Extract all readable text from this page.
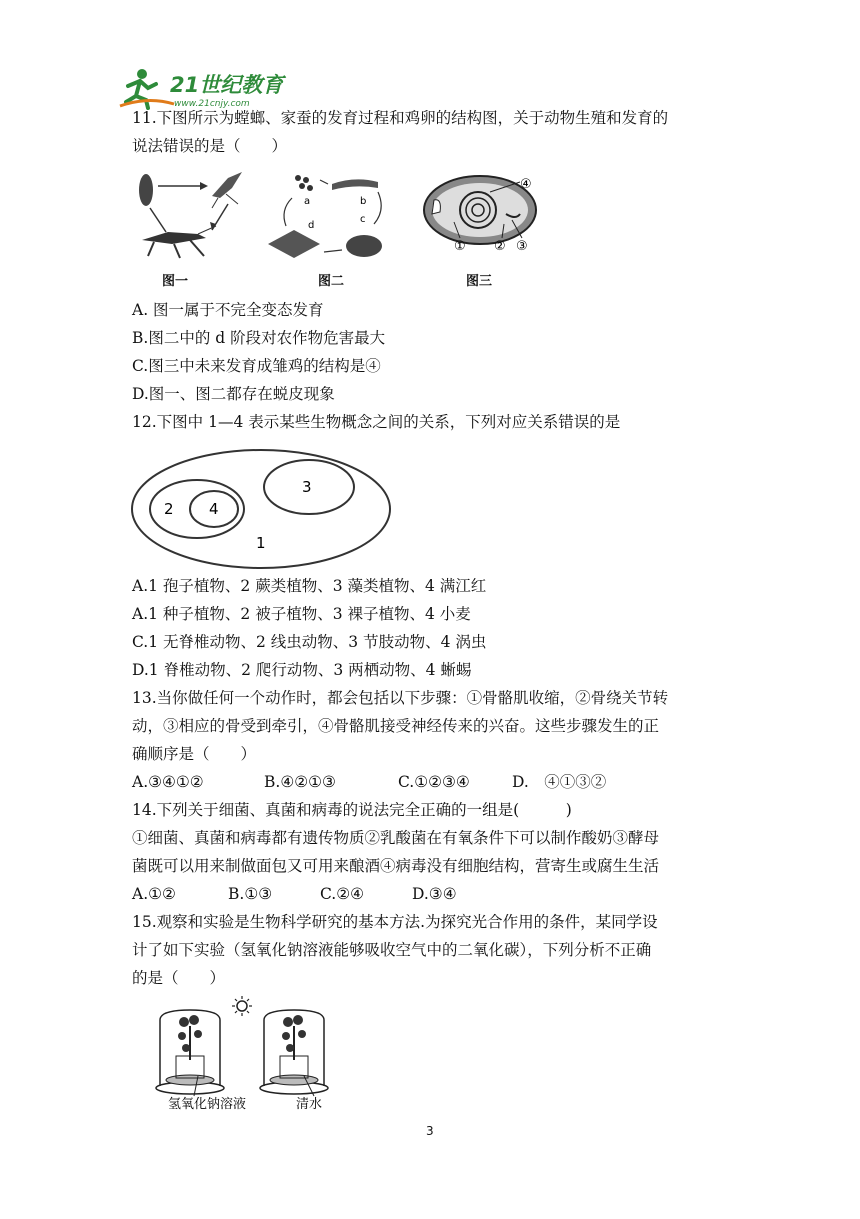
21世纪教育
www.21cnjy.com
11.下图所示为螳螂、家蚕的发育过程和鸡卵的结构图，关于动物生殖和发育的
说法错误的是（　　）
图一
a	b
c
d
图二
④
① ② ③
图三
A. 图一属于不完全变态发育
B.图二中的 d 阶段对农作物危害最大
C.图三中未来发育成雏鸡的结构是④
D.图一、图二都存在蜕皮现象
12.下图中 1—4 表示某些生物概念之间的关系，下列对应关系错误的是
1
2
3
4
A.1 孢子植物、2 蕨类植物、3 藻类植物、4 满江红
A.1 种子植物、2 被子植物、3 裸子植物、4 小麦
C.1 无脊椎动物、2 线虫动物、3 节肢动物、4 涡虫
D.1 脊椎动物、2 爬行动物、3 两栖动物、4 蜥蜴
13.当你做任何一个动作时，都会包括以下步骤：①骨骼肌收缩，②骨绕关节转
动，③相应的骨受到牵引，④骨骼肌接受神经传来的兴奋。这些步骤发生的正
确顺序是（　　）
A.③④①②	B.④②①③	C.①②③④	D.　④①③②
14.下列关于细菌、真菌和病毒的说法完全正确的一组是(　　　)
①细菌、真菌和病毒都有遗传物质②乳酸菌在有氧条件下可以制作酸奶③酵母
菌既可以用来制做面包又可用来酿酒④病毒没有细胞结构，营寄生或腐生生活
A.①②	B.①③	C.②④	D.③④
15.观察和实验是生物科学研究的基本方法.为探究光合作用的条件，某同学设
计了如下实验（氢氧化钠溶液能够吸收空气中的二氧化碳），下列分析不正确
的是（　　）
氢氧化钠溶液	清水
3
